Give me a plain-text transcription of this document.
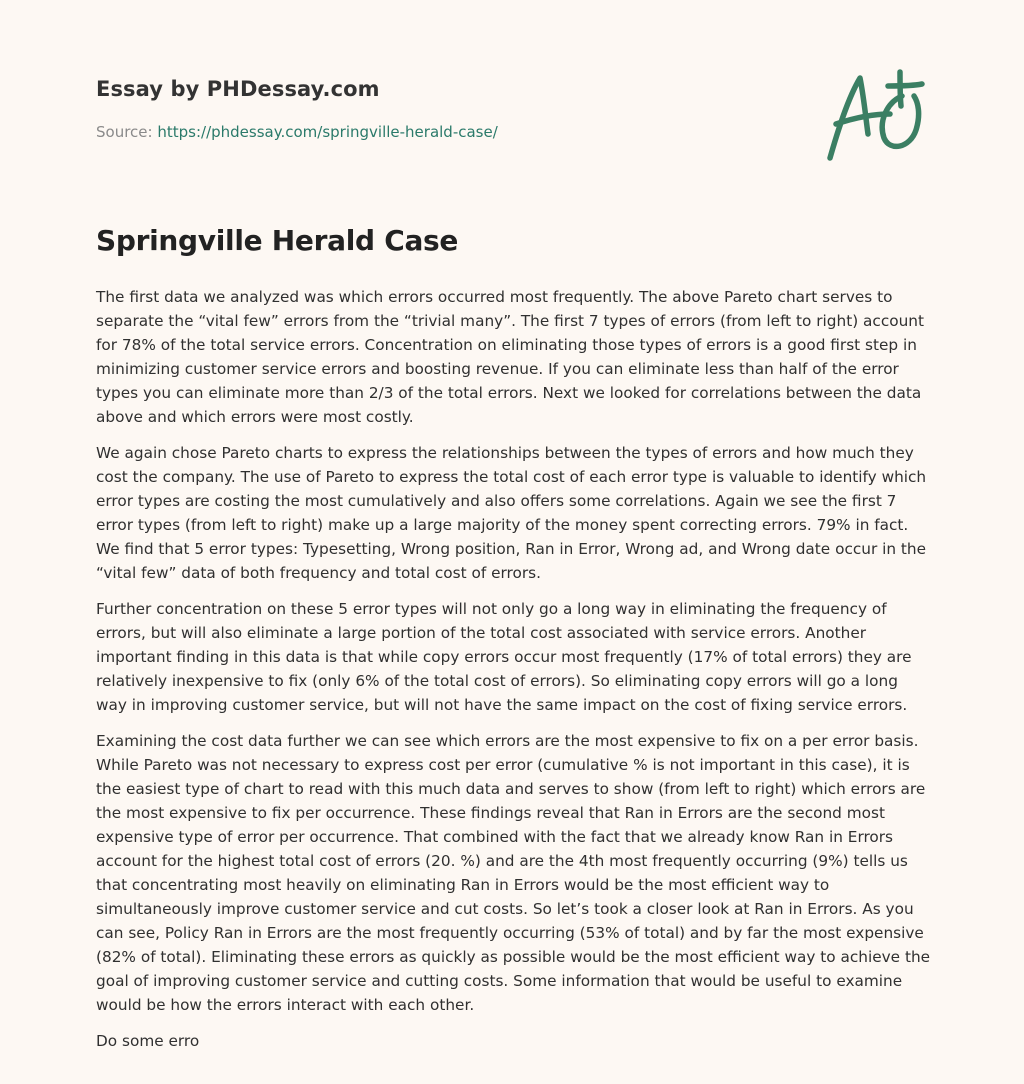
Essay by PHDessay.com
Source: https://phdessay.com/springville-herald-case/
Springville Herald Case

The first data we analyzed was which errors occurred most frequently. The above Pareto chart serves to separate the “vital few” errors from the “trivial many”. The first 7 types of errors (from left to right) account for 78% of the total service errors. Concentration on eliminating those types of errors is a good first step in minimizing customer service errors and boosting revenue. If you can eliminate less than half of the error types you can eliminate more than 2/3 of the total errors. Next we looked for correlations between the data above and which errors were most costly.

We again chose Pareto charts to express the relationships between the types of errors and how much they cost the company. The use of Pareto to express the total cost of each error type is valuable to identify which error types are costing the most cumulatively and also offers some correlations. Again we see the first 7 error types (from left to right) make up a large majority of the money spent correcting errors. 79% in fact. We find that 5 error types: Typesetting, Wrong position, Ran in Error, Wrong ad, and Wrong date occur in the “vital few” data of both frequency and total cost of errors.

Further concentration on these 5 error types will not only go a long way in eliminating the frequency of errors, but will also eliminate a large portion of the total cost associated with service errors. Another important finding in this data is that while copy errors occur most frequently (17% of total errors) they are relatively inexpensive to fix (only 6% of the total cost of errors). So eliminating copy errors will go a long way in improving customer service, but will not have the same impact on the cost of fixing service errors.

Examining the cost data further we can see which errors are the most expensive to fix on a per error basis. While Pareto was not necessary to express cost per error (cumulative % is not important in this case), it is the easiest type of chart to read with this much data and serves to show (from left to right) which errors are the most expensive to fix per occurrence. These findings reveal that Ran in Errors are the second most expensive type of error per occurrence. That combined with the fact that we already know Ran in Errors account for the highest total cost of errors (20. %) and are the 4th most frequently occurring (9%) tells us that concentrating most heavily on eliminating Ran in Errors would be the most efficient way to simultaneously improve customer service and cut costs. So let’s took a closer look at Ran in Errors. As you can see, Policy Ran in Errors are the most frequently occurring (53% of total) and by far the most expensive (82% of total). Eliminating these errors as quickly as possible would be the most efficient way to achieve the goal of improving customer service and cutting costs. Some information that would be useful to examine would be how the errors interact with each other.

Do some erro
